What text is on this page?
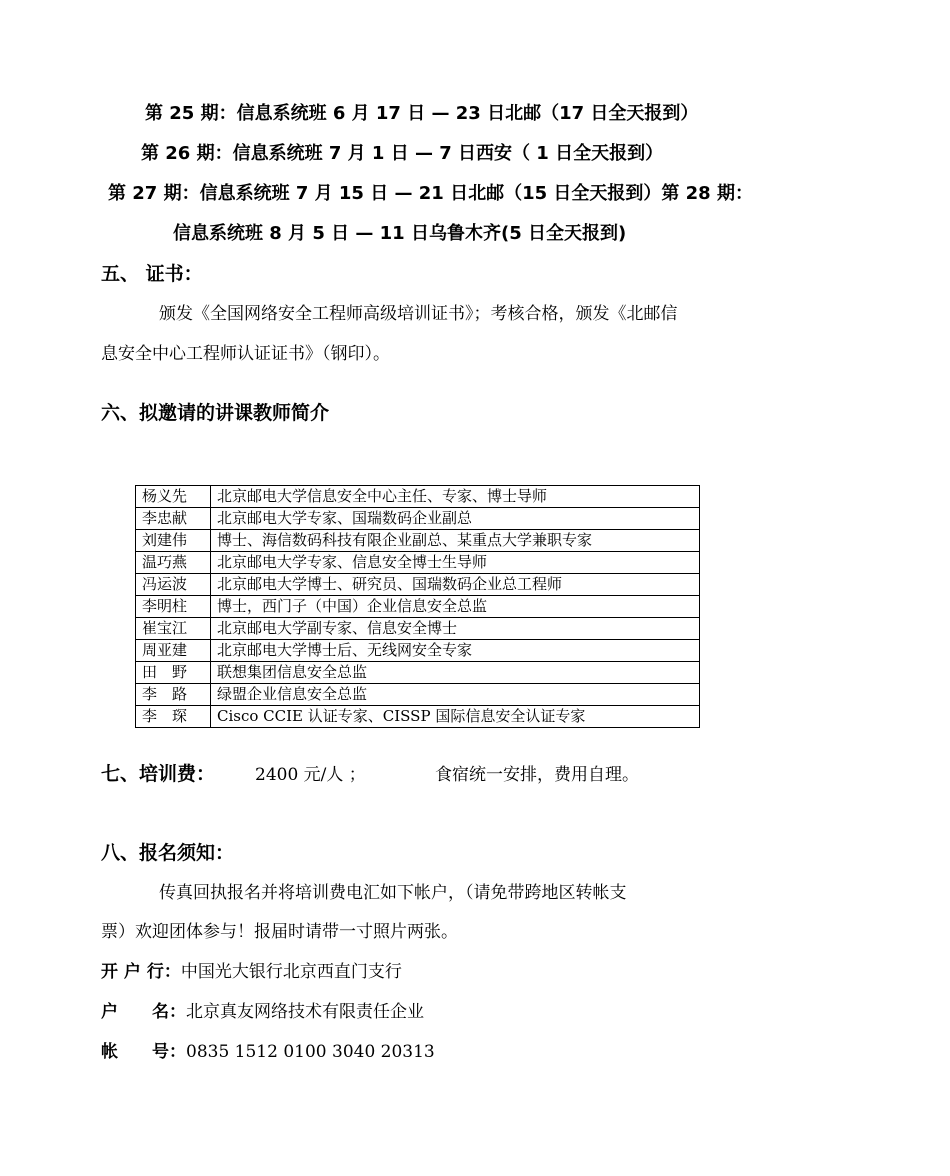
第 25 期：信息系统班 6 月 17 日 — 23 日北邮（17 日全天报到）
第 26 期：信息系统班 7 月 1 日 — 7 日西安（ 1 日全天报到）
第 27 期：信息系统班 7 月 15 日 — 21 日北邮（15 日全天报到）第 28 期：
信息系统班 8 月 5 日 — 11 日乌鲁木齐(5 日全天报到)
五、 证书：
颁发《全国网络安全工程师高级培训证书》；考核合格，颁发《北邮信
息安全中心工程师认证证书》（钢印）。
六、拟邀请的讲课教师简介
杨义先	北京邮电大学信息安全中心主任、专家、博士导师
李忠献	北京邮电大学专家、国瑞数码企业副总
刘建伟	博士、海信数码科技有限企业副总、某重点大学兼职专家
温巧燕	北京邮电大学专家、信息安全博士生导师
冯运波	北京邮电大学博士、研究员、国瑞数码企业总工程师
李明柱	博士，西门子（中国）企业信息安全总监
崔宝江	北京邮电大学副专家、信息安全博士
周亚建	北京邮电大学博士后、无线网安全专家
田　野	联想集团信息安全总监
李　路	绿盟企业信息安全总监
李　琛	Cisco CCIE 认证专家、CISSP 国际信息安全认证专家
七、培训费： 2400 元/人 ；	食宿统一安排，费用自理。
八、报名须知：
传真回执报名并将培训费电汇如下帐户，（请免带跨地区转帐支
票）欢迎团体参与！报届时请带一寸照片两张。
开 户 行：中国光大银行北京西直门支行
户　　名：北京真友网络技术有限责任企业
帐　　号：0835 1512 0100 3040 20313
